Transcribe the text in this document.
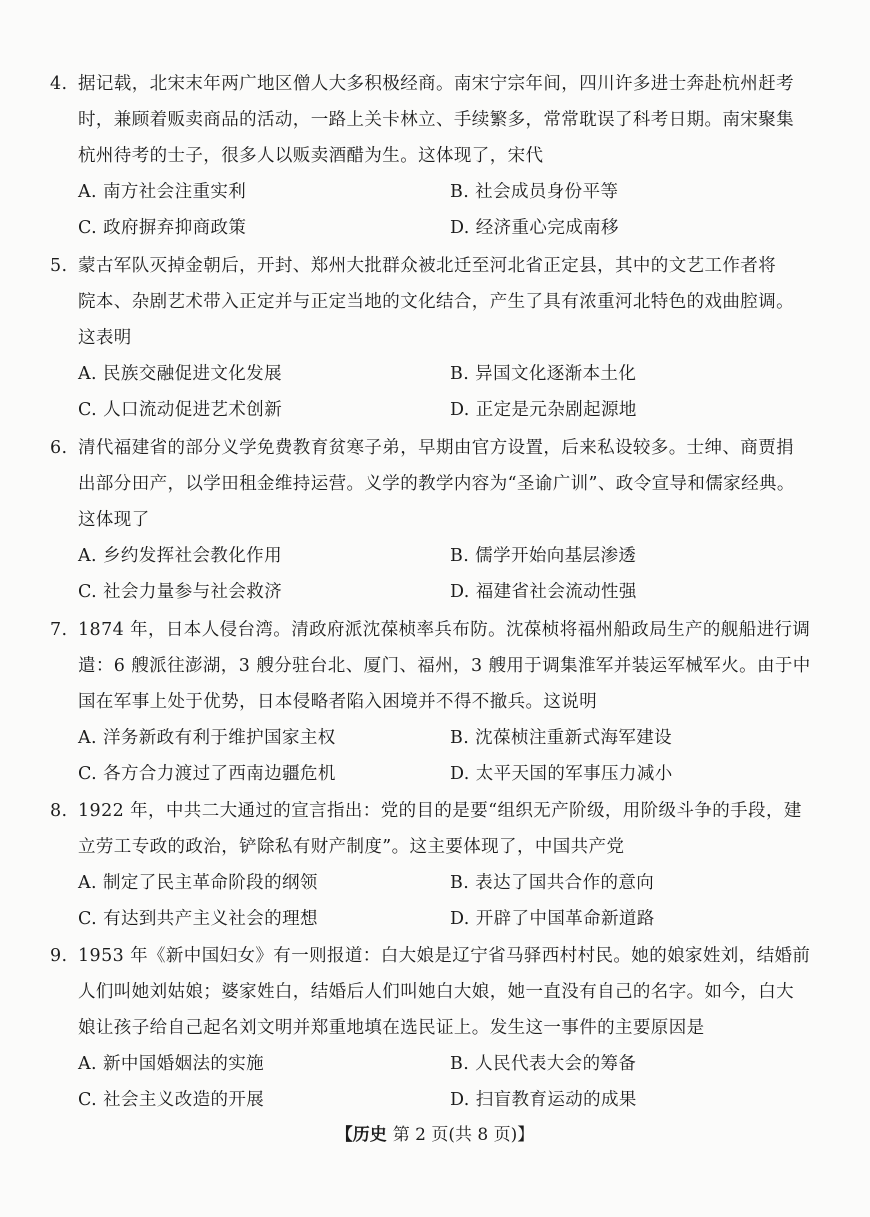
4. 据记载，北宋末年两广地区僧人大多积极经商。南宋宁宗年间，四川许多进士奔赴杭州赶考
时，兼顾着贩卖商品的活动，一路上关卡林立、手续繁多，常常耽误了科考日期。南宋聚集
杭州待考的士子，很多人以贩卖酒醋为生。这体现了，宋代
A. 南方社会注重实利	B. 社会成员身份平等
C. 政府摒弃抑商政策	D. 经济重心完成南移
5. 蒙古军队灭掉金朝后，开封、郑州大批群众被北迁至河北省正定县，其中的文艺工作者将
院本、杂剧艺术带入正定并与正定当地的文化结合，产生了具有浓重河北特色的戏曲腔调。
这表明
A. 民族交融促进文化发展	B. 异国文化逐渐本土化
C. 人口流动促进艺术创新	D. 正定是元杂剧起源地
6. 清代福建省的部分义学免费教育贫寒子弟，早期由官方设置，后来私设较多。士绅、商贾捐
出部分田产，以学田租金维持运营。义学的教学内容为“圣谕广训”、政令宣导和儒家经典。
这体现了
A. 乡约发挥社会教化作用	B. 儒学开始向基层渗透
C. 社会力量参与社会救济	D. 福建省社会流动性强
7. 1874 年，日本人侵台湾。清政府派沈葆桢率兵布防。沈葆桢将福州船政局生产的舰船进行调
遣：6 艘派往澎湖，3 艘分驻台北、厦门、福州，3 艘用于调集淮军并装运军械军火。由于中
国在军事上处于优势，日本侵略者陷入困境并不得不撤兵。这说明
A. 洋务新政有利于维护国家主权	B. 沈葆桢注重新式海军建设
C. 各方合力渡过了西南边疆危机	D. 太平天国的军事压力减小
8. 1922 年，中共二大通过的宣言指出：党的目的是要“组织无产阶级，用阶级斗争的手段，建
立劳工专政的政治，铲除私有财产制度”。这主要体现了，中国共产党
A. 制定了民主革命阶段的纲领	B. 表达了国共合作的意向
C. 有达到共产主义社会的理想	D. 开辟了中国革命新道路
9. 1953 年《新中国妇女》有一则报道：白大娘是辽宁省马驿西村村民。她的娘家姓刘，结婚前
人们叫她刘姑娘；婆家姓白，结婚后人们叫她白大娘，她一直没有自己的名字。如今，白大
娘让孩子给自己起名刘文明并郑重地填在选民证上。发生这一事件的主要原因是
A. 新中国婚姻法的实施	B. 人民代表大会的筹备
C. 社会主义改造的开展	D. 扫盲教育运动的成果
【历史 第 2 页(共 8 页)】
